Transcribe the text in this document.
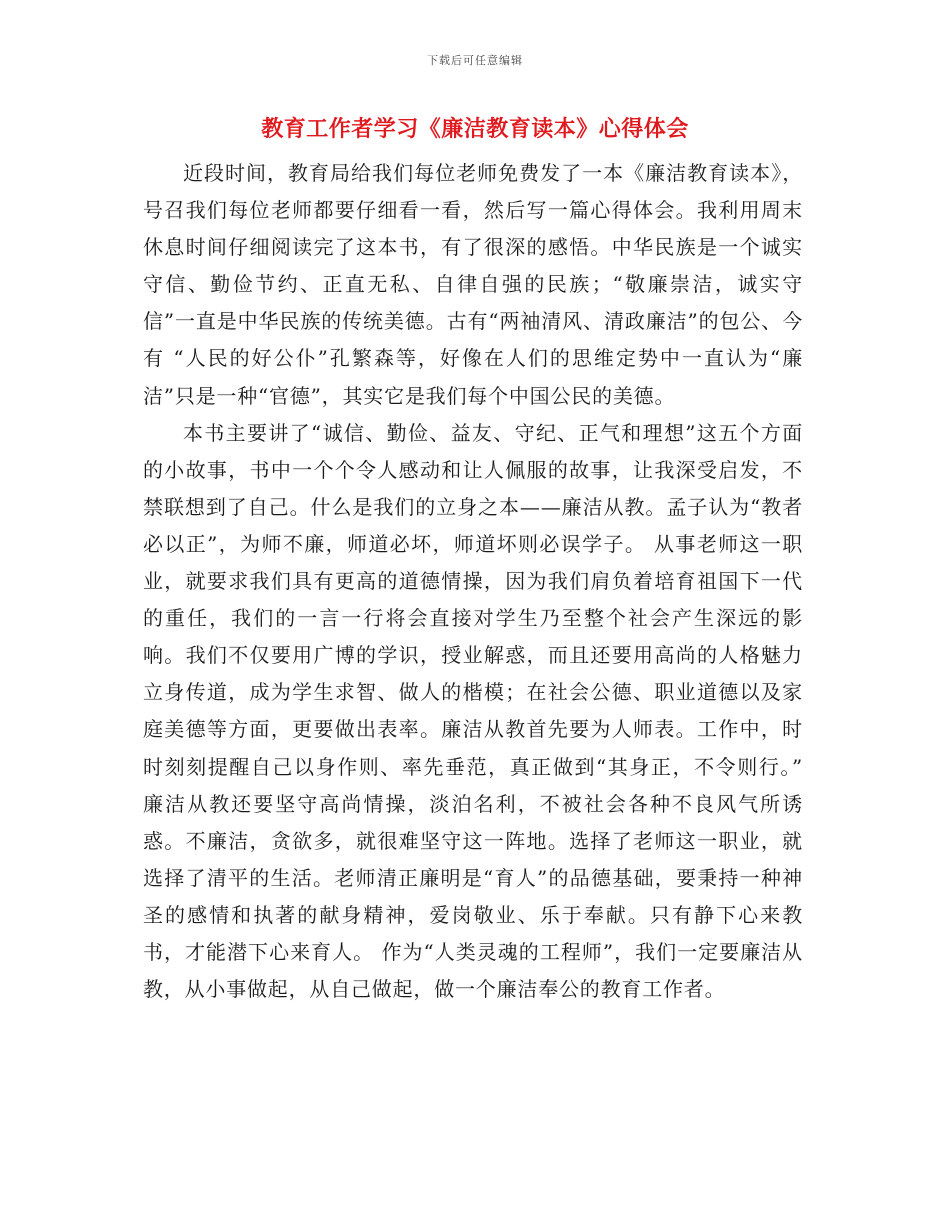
下载后可任意编辑
教育工作者学习《廉洁教育读本》心得体会

近段时间，教育局给我们每位老师免费发了一本《廉洁教育读本》，号召我们每位老师都要仔细看一看，然后写一篇心得体会。我利用周末休息时间仔细阅读完了这本书，有了很深的感悟。中华民族是一个诚实守信、勤俭节约、正直无私、自律自强的民族；“敬廉崇洁，诚实守信”一直是中华民族的传统美德。古有“两袖清风、清政廉洁”的包公、今有 “人民的好公仆”孔繁森等，好像在人们的思维定势中一直认为“廉洁”只是一种“官德”，其实它是我们每个中国公民的美德。

本书主要讲了“诚信、勤俭、益友、守纪、正气和理想”这五个方面的小故事，书中一个个令人感动和让人佩服的故事，让我深受启发，不禁联想到了自己。什么是我们的立身之本——廉洁从教。孟子认为“教者必以正”，为师不廉，师道必坏，师道坏则必误学子。 从事老师这一职业，就要求我们具有更高的道德情操，因为我们肩负着培育祖国下一代的重任，我们的一言一行将会直接对学生乃至整个社会产生深远的影响。我们不仅要用广博的学识，授业解惑，而且还要用高尚的人格魅力立身传道，成为学生求智、做人的楷模；在社会公德、职业道德以及家庭美德等方面，更要做出表率。廉洁从教首先要为人师表。工作中，时时刻刻提醒自己以身作则、率先垂范，真正做到“其身正，不令则行。” 廉洁从教还要坚守高尚情操，淡泊名利，不被社会各种不良风气所诱惑。不廉洁，贪欲多，就很难坚守这一阵地。选择了老师这一职业，就选择了清平的生活。老师清正廉明是“育人”的品德基础，要秉持一种神圣的感情和执著的献身精神，爱岗敬业、乐于奉献。只有静下心来教书，才能潜下心来育人。 作为“人类灵魂的工程师”，我们一定要廉洁从教，从小事做起，从自己做起，做一个廉洁奉公的教育工作者。
